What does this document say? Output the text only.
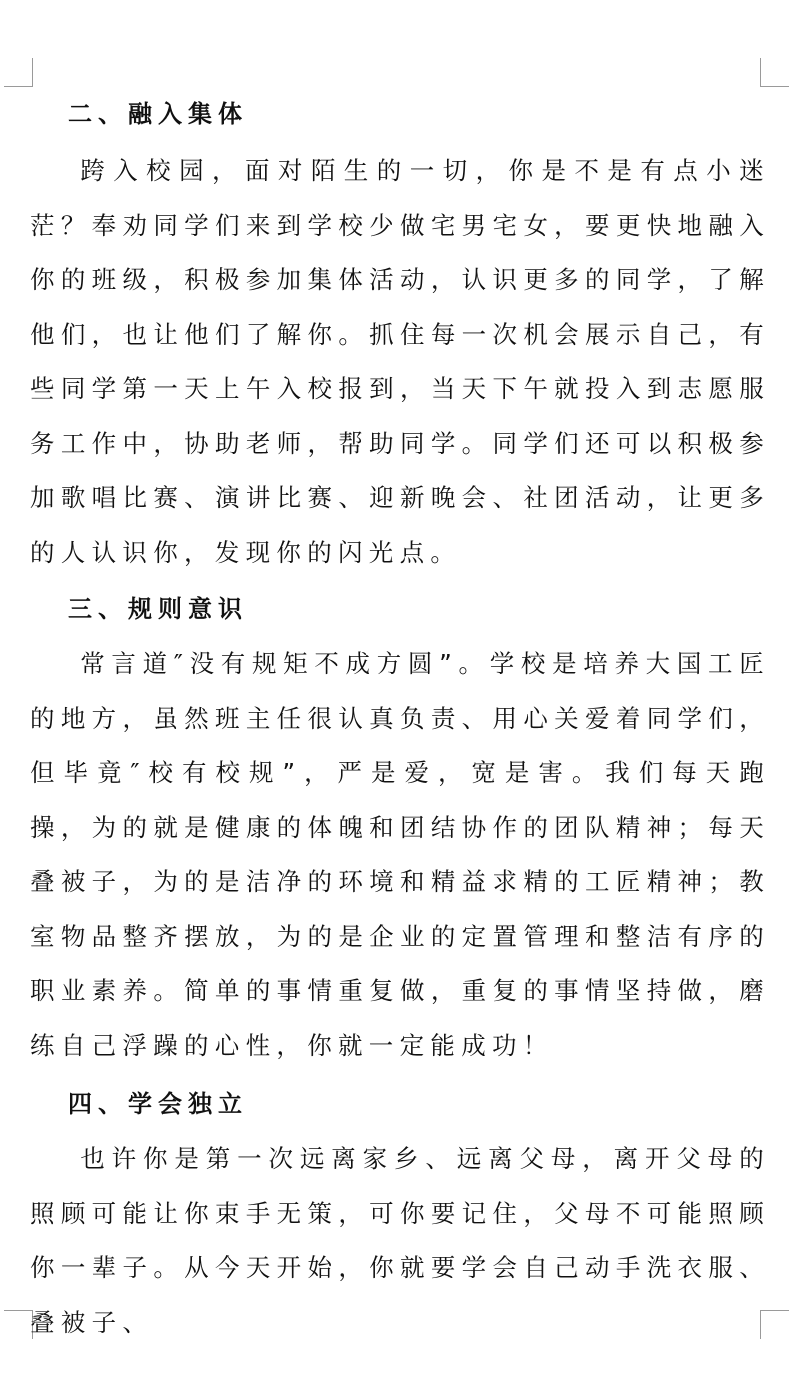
二、融入集体

跨入校园，面对陌生的一切，你是不是有点小迷茫？奉劝同学们来到学校少做宅男宅女，要更快地融入你的班级，积极参加集体活动，认识更多的同学，了解他们，也让他们了解你。抓住每一次机会展示自己，有些同学第一天上午入校报到，当天下午就投入到志愿服务工作中，协助老师，帮助同学。同学们还可以积极参加歌唱比赛、演讲比赛、迎新晚会、社团活动，让更多的人认识你，发现你的闪光点。

三、规则意识

常言道″没有规矩不成方圆”。学校是培养大国工匠的地方，虽然班主任很认真负责、用心关爱着同学们，但毕竟″校有校规”，严是爱，宽是害。我们每天跑操，为的就是健康的体魄和团结协作的团队精神；每天叠被子，为的是洁净的环境和精益求精的工匠精神；教室物品整齐摆放，为的是企业的定置管理和整洁有序的职业素养。简单的事情重复做，重复的事情坚持做，磨练自己浮躁的心性，你就一定能成功！

四、学会独立

也许你是第一次远离家乡、远离父母，离开父母的照顾可能让你束手无策，可你要记住，父母不可能照顾你一辈子。从今天开始，你就要学会自己动手洗衣服、叠被子、
